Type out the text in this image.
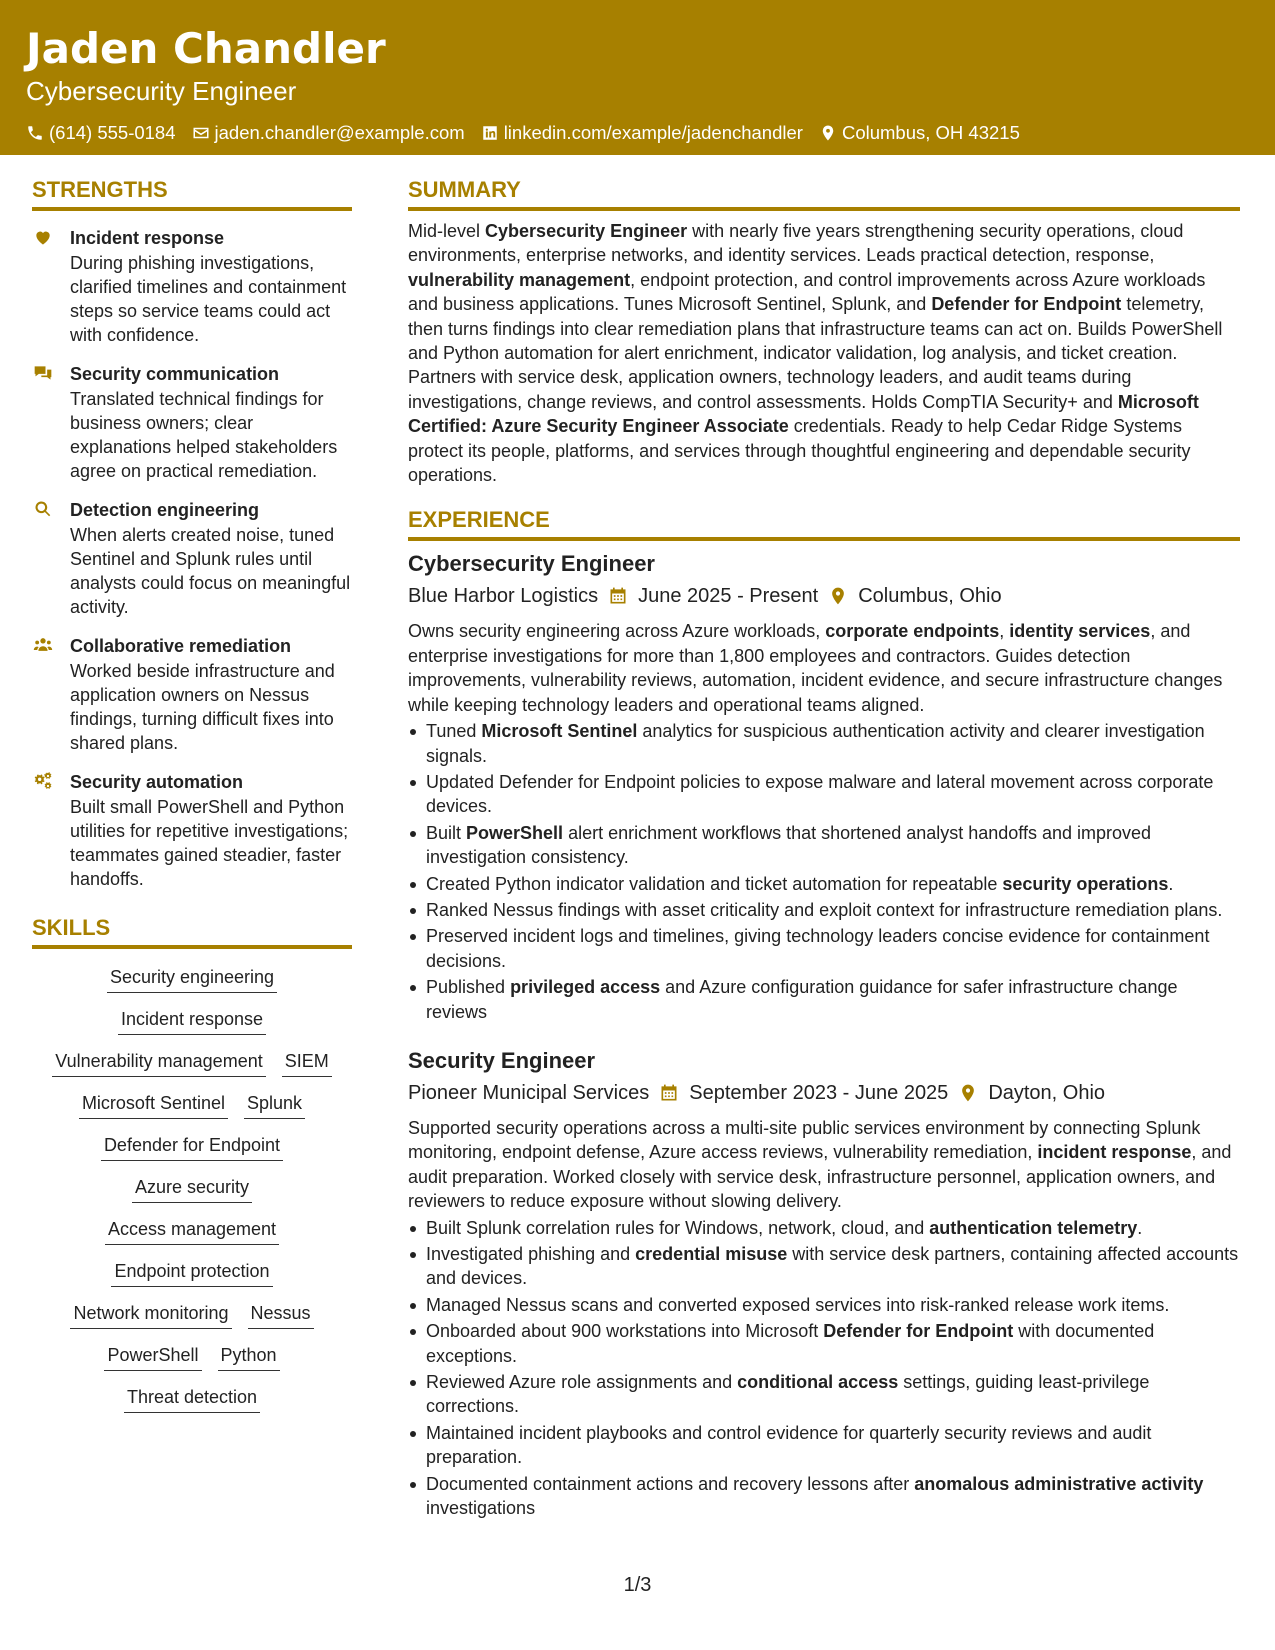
Jaden Chandler
Cybersecurity Engineer
(614) 555-0184 jaden.chandler@example.com linkedin.com/example/jadenchandler Columbus, OH 43215
STRENGTHS
Incident response
During phishing investigations, clarified timelines and containment steps so service teams could act with confidence.
Security communication
Translated technical findings for business owners; clear explanations helped stakeholders agree on practical remediation.
Detection engineering
When alerts created noise, tuned Sentinel and Splunk rules until analysts could focus on meaningful activity.
Collaborative remediation
Worked beside infrastructure and application owners on Nessus findings, turning difficult fixes into shared plans.
Security automation
Built small PowerShell and Python utilities for repetitive investigations; teammates gained steadier, faster handoffs.
SKILLS
Security engineering
Incident response
Vulnerability management SIEM
Microsoft Sentinel Splunk
Defender for Endpoint
Azure security
Access management
Endpoint protection
Network monitoring Nessus
PowerShell Python
Threat detection
SUMMARY
Mid-level Cybersecurity Engineer with nearly five years strengthening security operations, cloud environments, enterprise networks, and identity services. Leads practical detection, response, vulnerability management, endpoint protection, and control improvements across Azure workloads and business applications. Tunes Microsoft Sentinel, Splunk, and Defender for Endpoint telemetry, then turns findings into clear remediation plans that infrastructure teams can act on. Builds PowerShell and Python automation for alert enrichment, indicator validation, log analysis, and ticket creation. Partners with service desk, application owners, technology leaders, and audit teams during investigations, change reviews, and control assessments. Holds CompTIA Security+ and Microsoft Certified: Azure Security Engineer Associate credentials. Ready to help Cedar Ridge Systems protect its people, platforms, and services through thoughtful engineering and dependable security operations.
EXPERIENCE
Cybersecurity Engineer
Blue Harbor Logistics June 2025 - Present Columbus, Ohio
Owns security engineering across Azure workloads, corporate endpoints, identity services, and enterprise investigations for more than 1,800 employees and contractors. Guides detection improvements, vulnerability reviews, automation, incident evidence, and secure infrastructure changes while keeping technology leaders and operational teams aligned.
Tuned Microsoft Sentinel analytics for suspicious authentication activity and clearer investigation signals.
Updated Defender for Endpoint policies to expose malware and lateral movement across corporate devices.
Built PowerShell alert enrichment workflows that shortened analyst handoffs and improved investigation consistency.
Created Python indicator validation and ticket automation for repeatable security operations.
Ranked Nessus findings with asset criticality and exploit context for infrastructure remediation plans.
Preserved incident logs and timelines, giving technology leaders concise evidence for containment decisions.
Published privileged access and Azure configuration guidance for safer infrastructure change reviews
Security Engineer
Pioneer Municipal Services September 2023 - June 2025 Dayton, Ohio
Supported security operations across a multi-site public services environment by connecting Splunk monitoring, endpoint defense, Azure access reviews, vulnerability remediation, incident response, and audit preparation. Worked closely with service desk, infrastructure personnel, application owners, and reviewers to reduce exposure without slowing delivery.
Built Splunk correlation rules for Windows, network, cloud, and authentication telemetry.
Investigated phishing and credential misuse with service desk partners, containing affected accounts and devices.
Managed Nessus scans and converted exposed services into risk-ranked release work items.
Onboarded about 900 workstations into Microsoft Defender for Endpoint with documented exceptions.
Reviewed Azure role assignments and conditional access settings, guiding least-privilege corrections.
Maintained incident playbooks and control evidence for quarterly security reviews and audit preparation.
Documented containment actions and recovery lessons after anomalous administrative activity investigations
1/3
